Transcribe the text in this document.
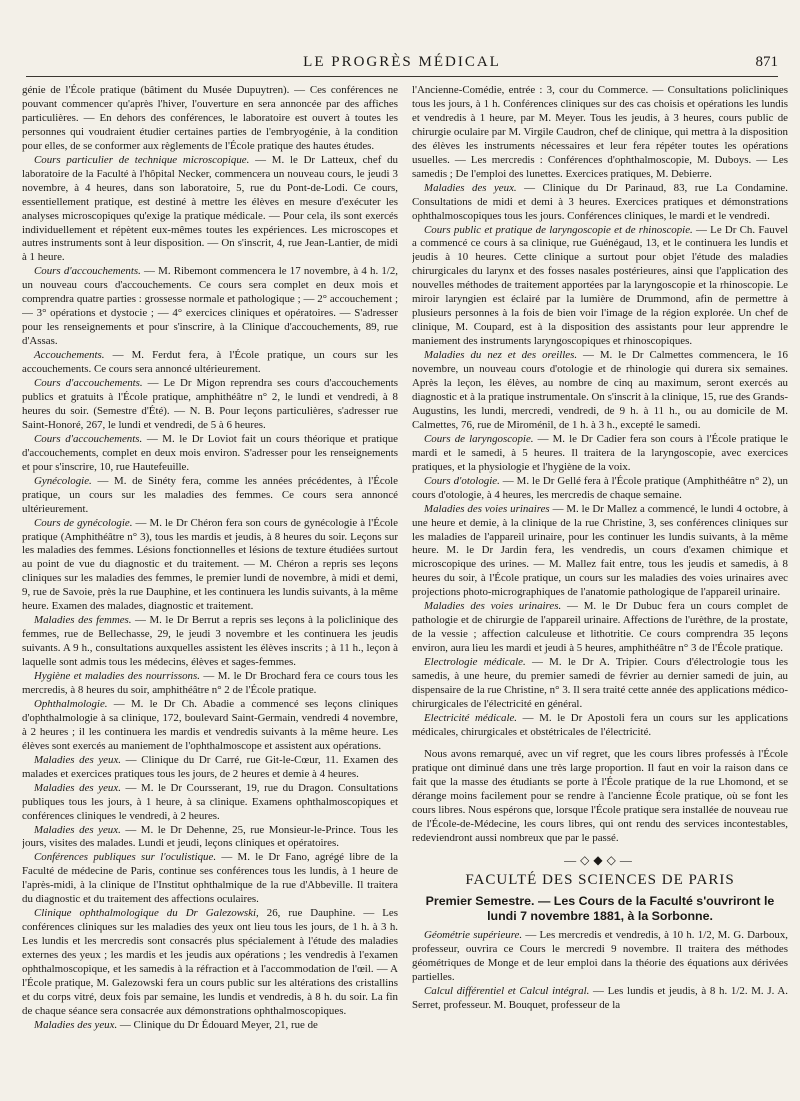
LE PROGRÈS MÉDICAL	871

génie de l'École pratique (bâtiment du Musée Dupuytren). — Ces conférences ne pouvant commencer qu'après l'hiver, l'ouverture en sera annoncée par des affiches particulières. — En dehors des conférences, le laboratoire est ouvert à toutes les personnes qui voudraient étudier certaines parties de l'embryogénie, à la condition pour elles, de se conformer aux règlements de l'École pratique des hautes études.

Cours particulier de technique microscopique. — M. le Dr Latteux, chef du laboratoire de la Faculté à l'hôpital Necker, commencera un nouveau cours, le jeudi 3 novembre, à 4 heures, dans son laboratoire, 5, rue du Pont-de-Lodi. Ce cours, essentiellement pratique, est destiné à mettre les élèves en mesure d'exécuter les analyses microscopiques qu'exige la pratique médicale. — Pour cela, ils sont exercés individuellement et répètent eux-mêmes toutes les expériences. Les microscopes et autres instruments sont à leur disposition. — On s'inscrit, 4, rue Jean-Lantier, de midi à 1 heure.

Cours d'accouchements. — M. Ribemont commencera le 17 novembre, à 4 h. 1/2, un nouveau cours d'accouchements. Ce cours sera complet en deux mois et comprendra quatre parties : grossesse normale et pathologique ; — 2° accouchement ; — 3° opérations et dystocie ; — 4° exercices cliniques et opératoires. — S'adresser pour les renseignements et pour s'inscrire, à la Clinique d'accouchements, 89, rue d'Assas.

Accouchements. — M. Ferdut fera, à l'École pratique, un cours sur les accouchements. Ce cours sera annoncé ultérieurement.

Cours d'accouchements. — Le Dr Migon reprendra ses cours d'accouchements publics et gratuits à l'École pratique, amphithéâtre n° 2, le lundi et vendredi, à 8 heures du soir. (Semestre d'Été). — N. B. Pour leçons particulières, s'adresser rue Saint-Honoré, 267, le lundi et vendredi, de 5 à 6 heures.

Cours d'accouchements. — M. le Dr Loviot fait un cours théorique et pratique d'accouchements, complet en deux mois environ. S'adresser pour les renseignements et pour s'inscrire, 10, rue Hautefeuille.

Gynécologie. — M. de Sinéty fera, comme les années précédentes, à l'École pratique, un cours sur les maladies des femmes. Ce cours sera annoncé ultérieurement.

Cours de gynécologie. — M. le Dr Chéron fera son cours de gynécologie à l'École pratique (Amphithéâtre n° 3), tous les mardis et jeudis, à 8 heures du soir. Leçons sur les maladies des femmes. Lésions fonctionnelles et lésions de texture étudiées surtout au point de vue du diagnostic et du traitement. — M. Chéron a repris ses leçons cliniques sur les maladies des femmes, le premier lundi de novembre, à midi et demi, 9, rue de Savoie, près la rue Dauphine, et les continuera les lundis suivants, à la même heure. Examen des malades, diagnostic et traitement.

Maladies des femmes. — M. le Dr Berrut a repris ses leçons à la policlinique des femmes, rue de Bellechasse, 29, le jeudi 3 novembre et les continuera les jeudis suivants. A 9 h., consultations auxquelles assistent les élèves inscrits ; à 11 h., leçon à laquelle sont admis tous les médecins, élèves et sages-femmes.

Hygiène et maladies des nourrissons. — M. le Dr Brochard fera ce cours tous les mercredis, à 8 heures du soir, amphithéâtre n° 2 de l'École pratique.

Ophthalmologie. — M. le Dr Ch. Abadie a commencé ses leçons cliniques d'ophthalmologie à sa clinique, 172, boulevard Saint-Germain, vendredi 4 novembre, à 2 heures ; il les continuera les mardis et vendredis suivants à la même heure. Les élèves sont exercés au maniement de l'ophthalmoscope et assistent aux opérations.

Maladies des yeux. — Clinique du Dr Carré, rue Git-le-Cœur, 11. Examen des malades et exercices pratiques tous les jours, de 2 heures et demie à 4 heures.

Maladies des yeux. — M. le Dr Coursserant, 19, rue du Dragon. Consultations publiques tous les jours, à 1 heure, à sa clinique. Examens ophthalmoscopiques et conférences cliniques le vendredi, à 2 heures.

Maladies des yeux. — M. le Dr Dehenne, 25, rue Monsieur-le-Prince. Tous les jours, visites des malades. Lundi et jeudi, leçons cliniques et opératoires.

Conférences publiques sur l'oculistique. — M. le Dr Fano, agrégé libre de la Faculté de médecine de Paris, continue ses conférences tous les lundis, à 1 heure de l'après-midi, à la clinique de l'Institut ophthalmique de la rue d'Abbeville. Il traitera du diagnostic et du traitement des affections oculaires.

Clinique ophthalmologique du Dr Galezowski, 26, rue Dauphine. — Les conférences cliniques sur les maladies des yeux ont lieu tous les jours, de 1 h. à 3 h. Les lundis et les mercredis sont consacrés plus spécialement à l'étude des maladies externes des yeux ; les mardis et les jeudis aux opérations ; les vendredis à l'examen ophthalmoscopique, et les samedis à la réfraction et à l'accommodation de l'œil. — A l'École pratique, M. Galezowski fera un cours public sur les altérations des cristallins et du corps vitré, deux fois par semaine, les lundis et vendredis, à 8 h. du soir. La fin de chaque séance sera consacrée aux démonstrations ophthalmoscopiques.

Maladies des yeux. — Clinique du Dr Édouard Meyer, 21, rue de

l'Ancienne-Comédie, entrée : 3, cour du Commerce. — Consultations policliniques tous les jours, à 1 h. Conférences cliniques sur des cas choisis et opérations les lundis et vendredis à 1 heure, par M. Meyer. Tous les jeudis, à 3 heures, cours public de chirurgie oculaire par M. Virgile Caudron, chef de clinique, qui mettra à la disposition des élèves les instruments nécessaires et leur fera répéter toutes les opérations usuelles. — Les mercredis : Conférences d'ophthalmoscopie, M. Duboys. — Les samedis ; De l'emploi des lunettes. Exercices pratiques, M. Debierre.

Maladies des yeux. — Clinique du Dr Parinaud, 83, rue La Condamine. Consultations de midi et demi à 3 heures. Exercices pratiques et démonstrations ophthalmoscopiques tous les jours. Conférences cliniques, le mardi et le vendredi.

Cours public et pratique de laryngoscopie et de rhinoscopie. — Le Dr Ch. Fauvel a commencé ce cours à sa clinique, rue Guénégaud, 13, et le continuera les lundis et jeudis à 10 heures. Cette clinique a surtout pour objet l'étude des maladies chirurgicales du larynx et des fosses nasales postérieures, ainsi que l'application des nouvelles méthodes de traitement apportées par la laryngoscopie et la rhinoscopie. Le miroir laryngien est éclairé par la lumière de Drummond, afin de permettre à plusieurs personnes à la fois de bien voir l'image de la région explorée. Un chef de clinique, M. Coupard, est à la disposition des assistants pour leur apprendre le maniement des instruments laryngoscopiques et rhinoscopiques.

Maladies du nez et des oreilles. — M. le Dr Calmettes commencera, le 16 novembre, un nouveau cours d'otologie et de rhinologie qui durera six semaines. Après la leçon, les élèves, au nombre de cinq au maximum, seront exercés au diagnostic et à la pratique instrumentale. On s'inscrit à la clinique, 15, rue des Grands-Augustins, les lundi, mercredi, vendredi, de 9 h. à 11 h., ou au domicile de M. Calmettes, 76, rue de Miroménil, de 1 h. à 3 h., excepté le samedi.

Cours de laryngoscopie. — M. le Dr Cadier fera son cours à l'École pratique le mardi et le samedi, à 5 heures. Il traitera de la laryngoscopie, avec exercices pratiques, et la physiologie et l'hygiène de la voix.

Cours d'otologie. — M. le Dr Gellé fera à l'École pratique (Amphithéâtre n° 2), un cours d'otologie, à 4 heures, les mercredis de chaque semaine.

Maladies des voies urinaires — M. le Dr Mallez a commencé, le lundi 4 octobre, à une heure et demie, à la clinique de la rue Christine, 3, ses conférences cliniques sur les maladies de l'appareil urinaire, pour les continuer les lundis suivants, à la même heure. M. le Dr Jardin fera, les vendredis, un cours d'examen chimique et microscopique des urines. — M. Mallez fait entre, tous les jeudis et samedis, à 8 heures du soir, à l'École pratique, un cours sur les maladies des voies urinaires avec projections photo-micrographiques de l'anatomie pathologique de l'appareil urinaire.

Maladies des voies urinaires. — M. le Dr Dubuc fera un cours complet de pathologie et de chirurgie de l'appareil urinaire. Affections de l'urèthre, de la prostate, de la vessie ; affection calculeuse et lithotritie. Ce cours comprendra 35 leçons environ, aura lieu les mardi et jeudi à 5 heures, amphithéâtre n° 3 de l'École pratique.

Electrologie médicale. — M. le Dr A. Tripier. Cours d'électrologie tous les samedis, à une heure, du premier samedi de février au dernier samedi de juin, au dispensaire de la rue Christine, n° 3. Il sera traité cette année des applications médico-chirurgicales de l'électricité en général.

Electricité médicale. — M. le Dr Apostoli fera un cours sur les applications médicales, chirurgicales et obstétricales de l'électricité.

Nous avons remarqué, avec un vif regret, que les cours libres professés à l'École pratique ont diminué dans une très large proportion. Il faut en voir la raison dans ce fait que la masse des étudiants se porte à l'École pratique de la rue Lhomond, et se dérange moins facilement pour se rendre à l'ancienne École pratique, où se font les cours libres. Nous espérons que, lorsque l'École pratique sera installée de nouveau rue de l'École-de-Médecine, les cours libres, qui ont rendu des services incontestables, redeviendront aussi nombreux que par le passé.

—◇◆◇—
FACULTÉ DES SCIENCES DE PARIS
Premier Semestre. — Les Cours de la Faculté s'ouvriront le lundi 7 novembre 1881, à la Sorbonne.

Géométrie supérieure. — Les mercredis et vendredis, à 10 h. 1/2, M. G. Darboux, professeur, ouvrira ce Cours le mercredi 9 novembre. Il traitera des méthodes géométriques de Monge et de leur emploi dans la théorie des équations aux dérivées partielles.

Calcul différentiel et Calcul intégral. — Les lundis et jeudis, à 8 h. 1/2. M. J. A. Serret, professeur. M. Bouquet, professeur de la
